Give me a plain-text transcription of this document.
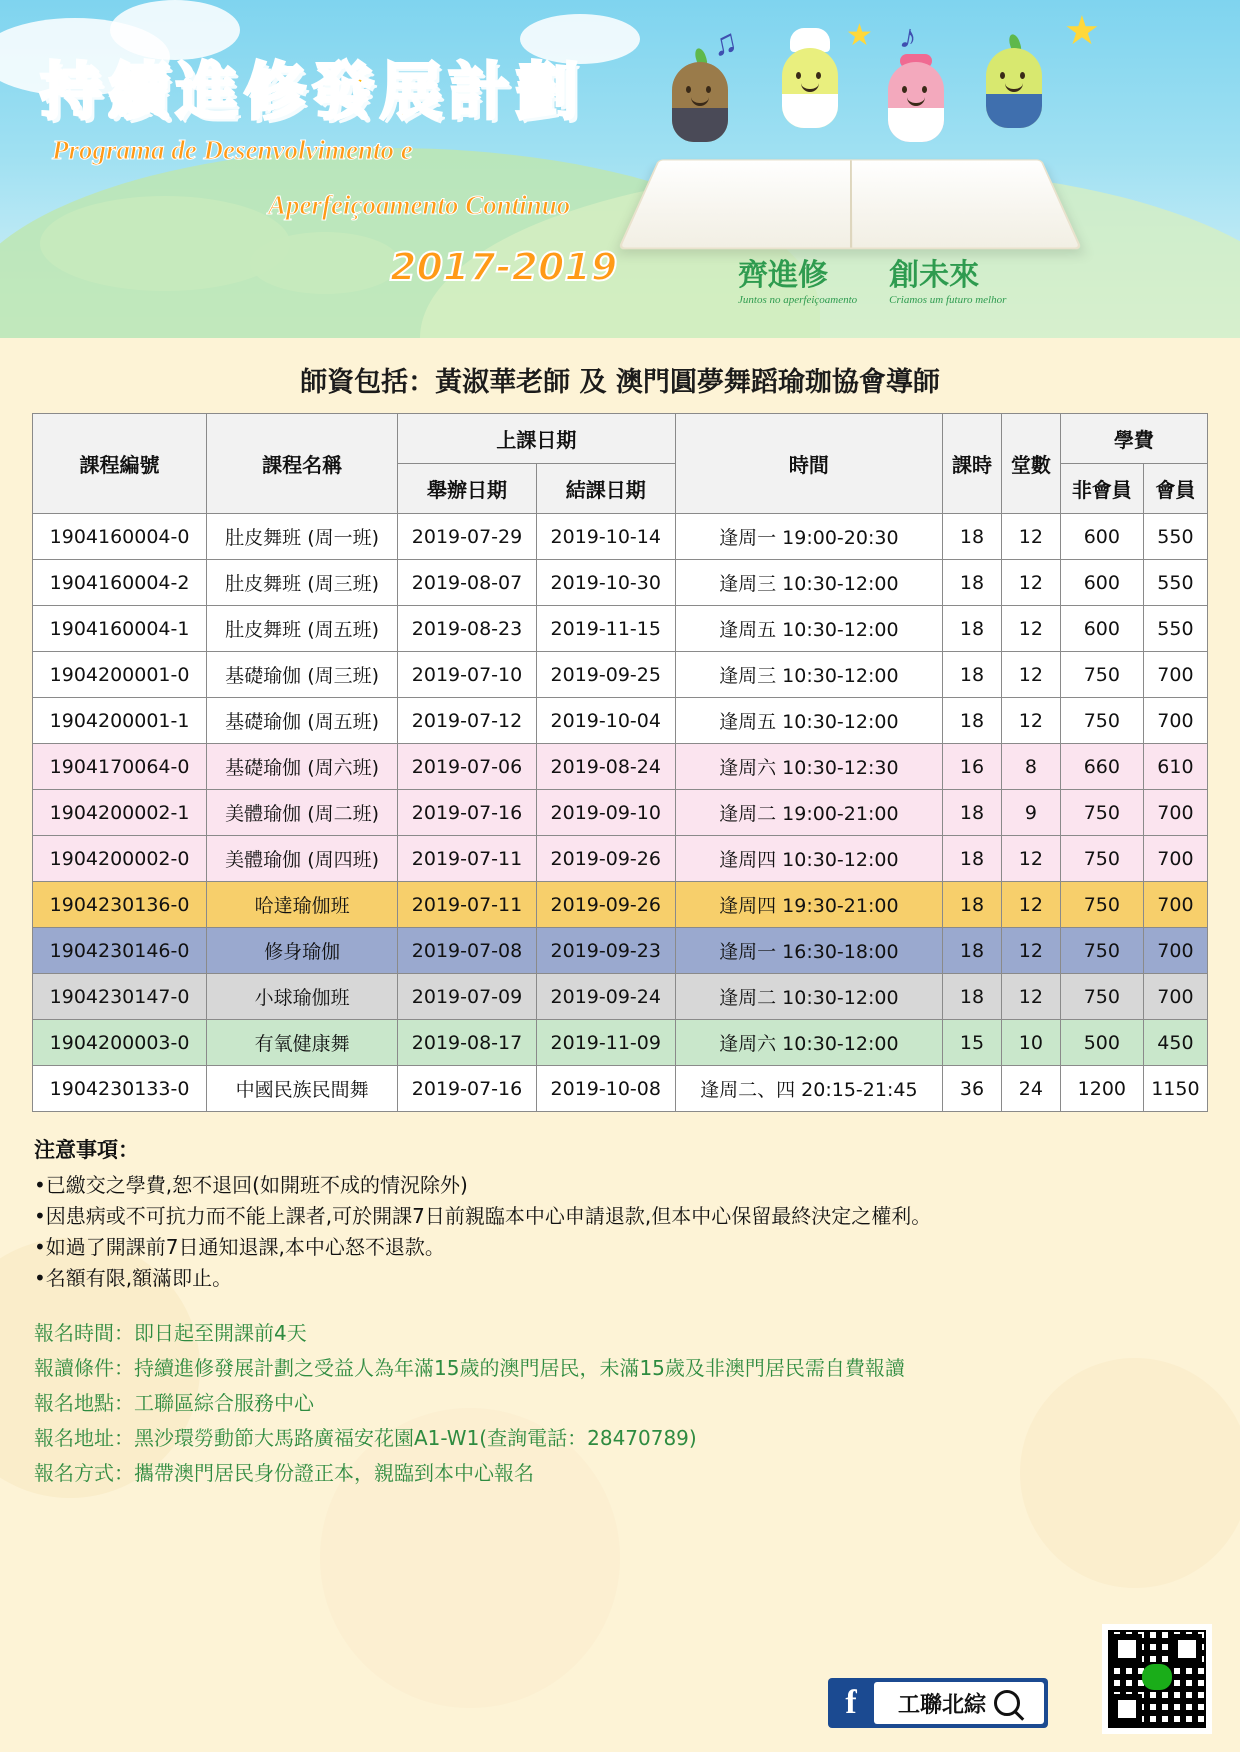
♫	♪
★	★
持續進修發展計劃
Programa de Desenvolvimento e
Aperfeiçoamento Continuo
2017-2019	齊進修
Juntos no aperfeiçoamento
創未來
Criamos um futuro melhor
師資包括：黃淑華老師 及 澳門圓夢舞蹈瑜珈協會導師
課程編號	課程名稱	上課日期		時間	課時	堂數	學費	
		舉辦日期	結課日期				非會員	會員
1904160004-0	肚皮舞班 (周一班)	2019-07-29	2019-10-14	逢周一 19:00-20:30	18	12	600	550
1904160004-2	肚皮舞班 (周三班)	2019-08-07	2019-10-30	逢周三 10:30-12:00	18	12	600	550
1904160004-1	肚皮舞班 (周五班)	2019-08-23	2019-11-15	逢周五 10:30-12:00	18	12	600	550
1904200001-0	基礎瑜伽 (周三班)	2019-07-10	2019-09-25	逢周三 10:30-12:00	18	12	750	700
1904200001-1	基礎瑜伽 (周五班)	2019-07-12	2019-10-04	逢周五 10:30-12:00	18	12	750	700
1904170064-0	基礎瑜伽 (周六班)	2019-07-06	2019-08-24	逢周六 10:30-12:30	16	8	660	610
1904200002-1	美體瑜伽 (周二班)	2019-07-16	2019-09-10	逢周二 19:00-21:00	18	9	750	700
1904200002-0	美體瑜伽 (周四班)	2019-07-11	2019-09-26	逢周四 10:30-12:00	18	12	750	700
1904230136-0	哈達瑜伽班	2019-07-11	2019-09-26	逢周四 19:30-21:00	18	12	750	700
1904230146-0	修身瑜伽	2019-07-08	2019-09-23	逢周一 16:30-18:00	18	12	750	700
1904230147-0	小球瑜伽班	2019-07-09	2019-09-24	逢周二 10:30-12:00	18	12	750	700
1904200003-0	有氧健康舞	2019-08-17	2019-11-09	逢周六 10:30-12:00	15	10	500	450
1904230133-0	中國民族民間舞	2019-07-16	2019-10-08	逢周二、四 20:15-21:45	36	24	1200	1150
注意事項：
• 已繳交之學費,恕不退回(如開班不成的情況除外)
• 因患病或不可抗力而不能上課者,可於開課7日前親臨本中心申請退款,但本中心保留最終決定之權利。
• 如過了開課前7日通知退課,本中心怒不退款。
• 名額有限,額滿即止。
報名時間：即日起至開課前4天
報讀條件：持續進修發展計劃之受益人為年滿15歲的澳門居民，未滿15歲及非澳門居民需自費報讀
報名地點：工聯區綜合服務中心
報名地址：黑沙環勞動節大馬路廣福安花園A1-W1(查詢電話：28470789)
報名方式：攜帶澳門居民身份證正本，親臨到本中心報名
f	工聯北綜
